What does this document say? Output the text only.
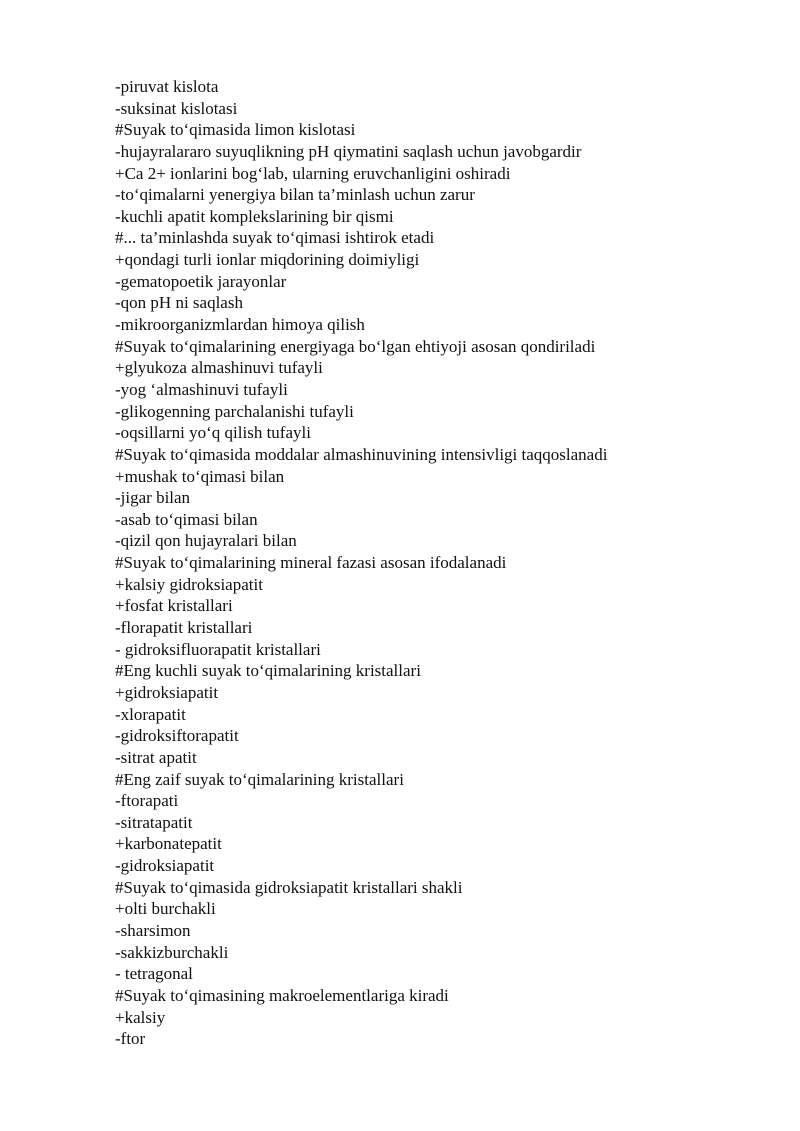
-piruvat kislota
-suksinat kislotasi
#Suyak to‘qimasida limon kislotasi
-hujayralararo suyuqlikning pH qiymatini saqlash uchun javobgardir
+Ca 2+ ionlarini bog‘lab, ularning eruvchanligini oshiradi
-to‘qimalarni yenergiya bilan ta’minlash uchun zarur
-kuchli apatit komplekslarining bir qismi
#... ta’minlashda suyak to‘qimasi ishtirok etadi
+qondagi turli ionlar miqdorining doimiyligi
-gematopoetik jarayonlar
-qon pH ni saqlash
-mikroorganizmlardan himoya qilish
#Suyak to‘qimalarining energiyaga bo‘lgan ehtiyoji asosan qondiriladi
+glyukoza almashinuvi tufayli
-yog ‘almashinuvi tufayli
-glikogenning parchalanishi tufayli
-oqsillarni yo‘q qilish tufayli
#Suyak to‘qimasida moddalar almashinuvining intensivligi taqqoslanadi
+mushak to‘qimasi bilan
-jigar bilan
-asab to‘qimasi bilan
-qizil qon hujayralari bilan
#Suyak to‘qimalarining mineral fazasi asosan ifodalanadi
+kalsiy gidroksiapatit
+fosfat kristallari
-florapatit kristallari
- gidroksifluorapatit kristallari
#Eng kuchli suyak to‘qimalarining kristallari
+gidroksiapatit
-xlorapatit
-gidroksiftorapatit
-sitrat apatit
#Eng zaif suyak to‘qimalarining kristallari
-ftorapati
-sitratapatit
+karbonatepatit
-gidroksiapatit
#Suyak to‘qimasida gidroksiapatit kristallari shakli
+olti burchakli
-sharsimon
-sakkizburchakli
- tetragonal
#Suyak to‘qimasining makroelementlariga kiradi
+kalsiy
-ftor
